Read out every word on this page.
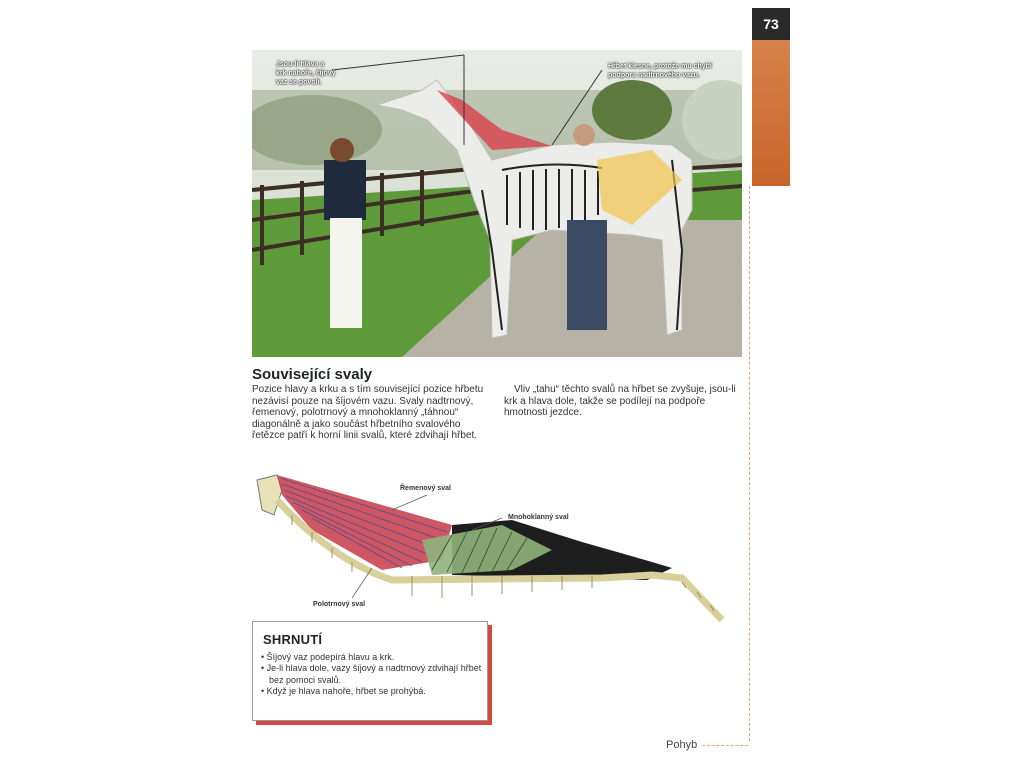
73
Jsou-li hlava a krk nahoře, šíjový vaz se povolí.
Hřbet klesne, protože mu chybí podpora nadtrnového vazu.
Související svaly

Pozice hlavy a krku a s tím související pozice hřbetu nezávisí pouze na šíjovém vazu. Svaly nadtrnový, řemenový, polotrnový a mnohoklanný „táhnou“ diagonálně a jako součást hřbetního svalového řetězce patří k horní linii svalů, které zdvihají hřbet.

Vliv „tahu“ těchto svalů na hřbet se zvyšuje, jsou-li krk a hlava dole, takže se podílejí na podpoře hmotnosti jezdce.

Řemenový sval
Mnohoklanný sval
Polotrnový sval
SHRNUTÍ
• Šíjový vaz podepírá hlavu a krk.
• Je-li hlava dole, vazy šíjový a nadtrnový zdvihají hřbet bez pomoci svalů.
• Když je hlava nahoře, hřbet se prohýbá.
Pohyb
